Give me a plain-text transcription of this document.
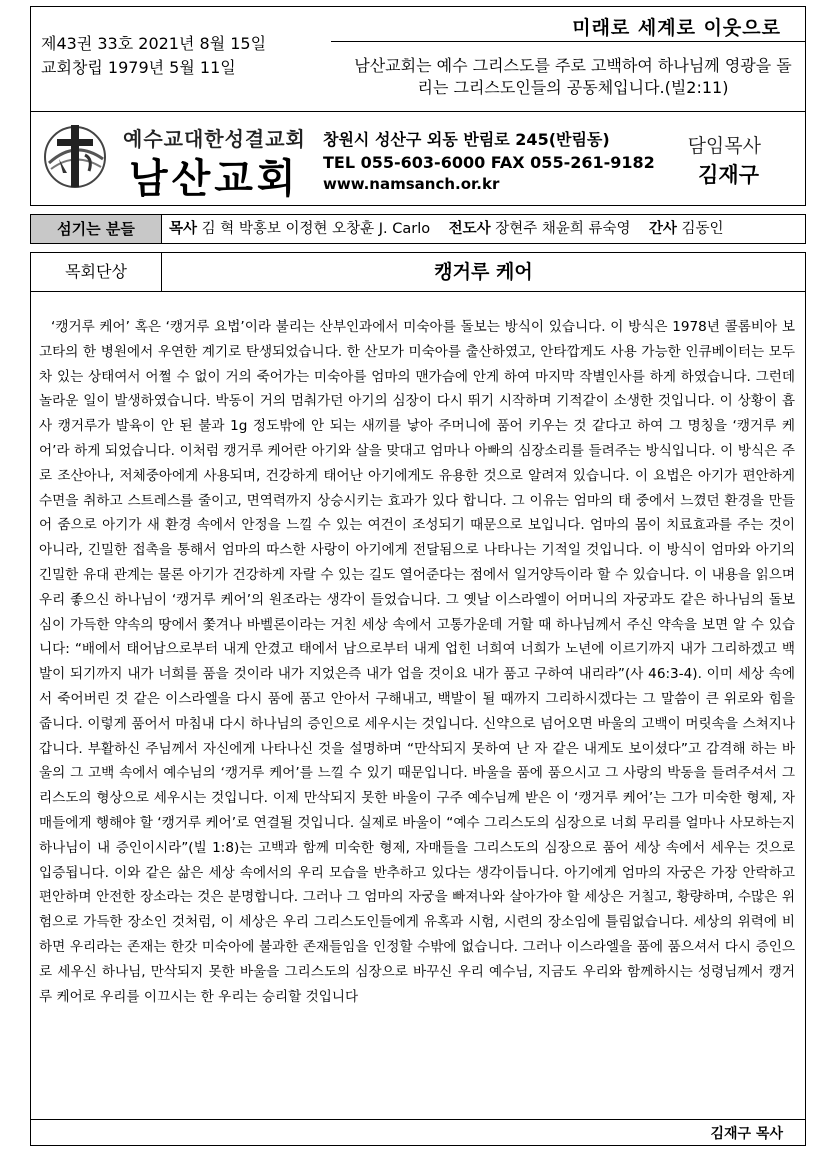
미래로 세계로 이웃으로
제43권 33호 2021년 8월 15일
교회창립 1979년 5월 11일	남산교회는 예수 그리스도를 주로 고백하여 하나님께 영광을 돌리는 그리스도인들의 공동체입니다.(빌2:11)
예수교대한성결교회
남산교회
창원시 성산구 외동 반림로 245(반림동)
TEL 055-603-6000 FAX 055-261-9182
www.namsanch.or.kr
담임목사
김재구
섬기는 분들	목사 김 혁 박홍보 이정현 오창훈 J. Carlo 전도사 장현주 채윤희 류숙영 간사 김동인
목회단상	캥거루 케어

‘캥거루 케어’ 혹은 ‘캥거루 요법’이라 불리는 산부인과에서 미숙아를 돌보는 방식이 있습니다. 이 방식은 1978년 콜롬비아 보고타의 한 병원에서 우연한 계기로 탄생되었습니다. 한 산모가 미숙아를 출산하였고, 안타깝게도 사용 가능한 인큐베이터는 모두 차 있는 상태여서 어쩔 수 없이 거의 죽어가는 미숙아를 엄마의 맨가슴에 안게 하여 마지막 작별인사를 하게 하였습니다. 그런데 놀라운 일이 발생하였습니다. 박동이 거의 멈춰가던 아기의 심장이 다시 뛰기 시작하며 기적같이 소생한 것입니다. 이 상황이 흡사 캥거루가 발육이 안 된 불과 1g 정도밖에 안 되는 새끼를 낳아 주머니에 품어 키우는 것 같다고 하여 그 명칭을 ‘캥거루 케어’라 하게 되었습니다. 이처럼 캥거루 케어란 아기와 살을 맞대고 엄마나 아빠의 심장소리를 들려주는 방식입니다. 이 방식은 주로 조산아나, 저체중아에게 사용되며, 건강하게 태어난 아기에게도 유용한 것으로 알려져 있습니다. 이 요법은 아기가 편안하게 수면을 취하고 스트레스를 줄이고, 면역력까지 상승시키는 효과가 있다 합니다. 그 이유는 엄마의 태 중에서 느꼈던 환경을 만들어 줌으로 아기가 새 환경 속에서 안정을 느낄 수 있는 여건이 조성되기 때문으로 보입니다. 엄마의 몸이 치료효과를 주는 것이 아니라, 긴밀한 접촉을 통해서 엄마의 따스한 사랑이 아기에게 전달됨으로 나타나는 기적일 것입니다. 이 방식이 엄마와 아기의 긴밀한 유대 관계는 물론 아기가 건강하게 자랄 수 있는 길도 열어준다는 점에서 일거양득이라 할 수 있습니다. 이 내용을 읽으며 우리 좋으신 하나님이 ‘캥거루 케어’의 원조라는 생각이 들었습니다. 그 옛날 이스라엘이 어머니의 자궁과도 같은 하나님의 돌보심이 가득한 약속의 땅에서 쫓겨나 바벨론이라는 거친 세상 속에서 고통가운데 거할 때 하나님께서 주신 약속을 보면 알 수 있습니다: “배에서 태어남으로부터 내게 안겼고 태에서 남으로부터 내게 업힌 너희여 너희가 노년에 이르기까지 내가 그리하겠고 백발이 되기까지 내가 너희를 품을 것이라 내가 지었은즉 내가 업을 것이요 내가 품고 구하여 내리라”(사 46:3-4). 이미 세상 속에서 죽어버린 것 같은 이스라엘을 다시 품에 품고 안아서 구해내고, 백발이 될 때까지 그리하시겠다는 그 말씀이 큰 위로와 힘을 줍니다. 이렇게 품어서 마침내 다시 하나님의 증인으로 세우시는 것입니다. 신약으로 넘어오면 바울의 고백이 머릿속을 스쳐지나갑니다. 부활하신 주님께서 자신에게 나타나신 것을 설명하며 “만삭되지 못하여 난 자 같은 내게도 보이셨다”고 감격해 하는 바울의 그 고백 속에서 예수님의 ‘캥거루 케어’를 느낄 수 있기 때문입니다. 바울을 품에 품으시고 그 사랑의 박동을 들려주셔서 그리스도의 형상으로 세우시는 것입니다. 이제 만삭되지 못한 바울이 구주 예수님께 받은 이 ‘캥거루 케어’는 그가 미숙한 형제, 자매들에게 행해야 할 ‘캥거루 케어’로 연결될 것입니다. 실제로 바울이 “예수 그리스도의 심장으로 너희 무리를 얼마나 사모하는지 하나님이 내 증인이시라”(빌 1:8)는 고백과 함께 미숙한 형제, 자매들을 그리스도의 심장으로 품어 세상 속에서 세우는 것으로 입증됩니다. 이와 같은 삶은 세상 속에서의 우리 모습을 반추하고 있다는 생각이듭니다. 아기에게 엄마의 자궁은 가장 안락하고 편안하며 안전한 장소라는 것은 분명합니다. 그러나 그 엄마의 자궁을 빠져나와 살아가야 할 세상은 거칠고, 황량하며, 수많은 위험으로 가득한 장소인 것처럼, 이 세상은 우리 그리스도인들에게 유혹과 시험, 시련의 장소임에 틀림없습니다. 세상의 위력에 비하면 우리라는 존재는 한갓 미숙아에 불과한 존재들임을 인정할 수밖에 없습니다. 그러나 이스라엘을 품에 품으셔서 다시 증인으로 세우신 하나님, 만삭되지 못한 바울을 그리스도의 심장으로 바꾸신 우리 예수님, 지금도 우리와 함께하시는 성령님께서 캥거루 케어로 우리를 이끄시는 한 우리는 승리할 것입니다

김재구 목사
